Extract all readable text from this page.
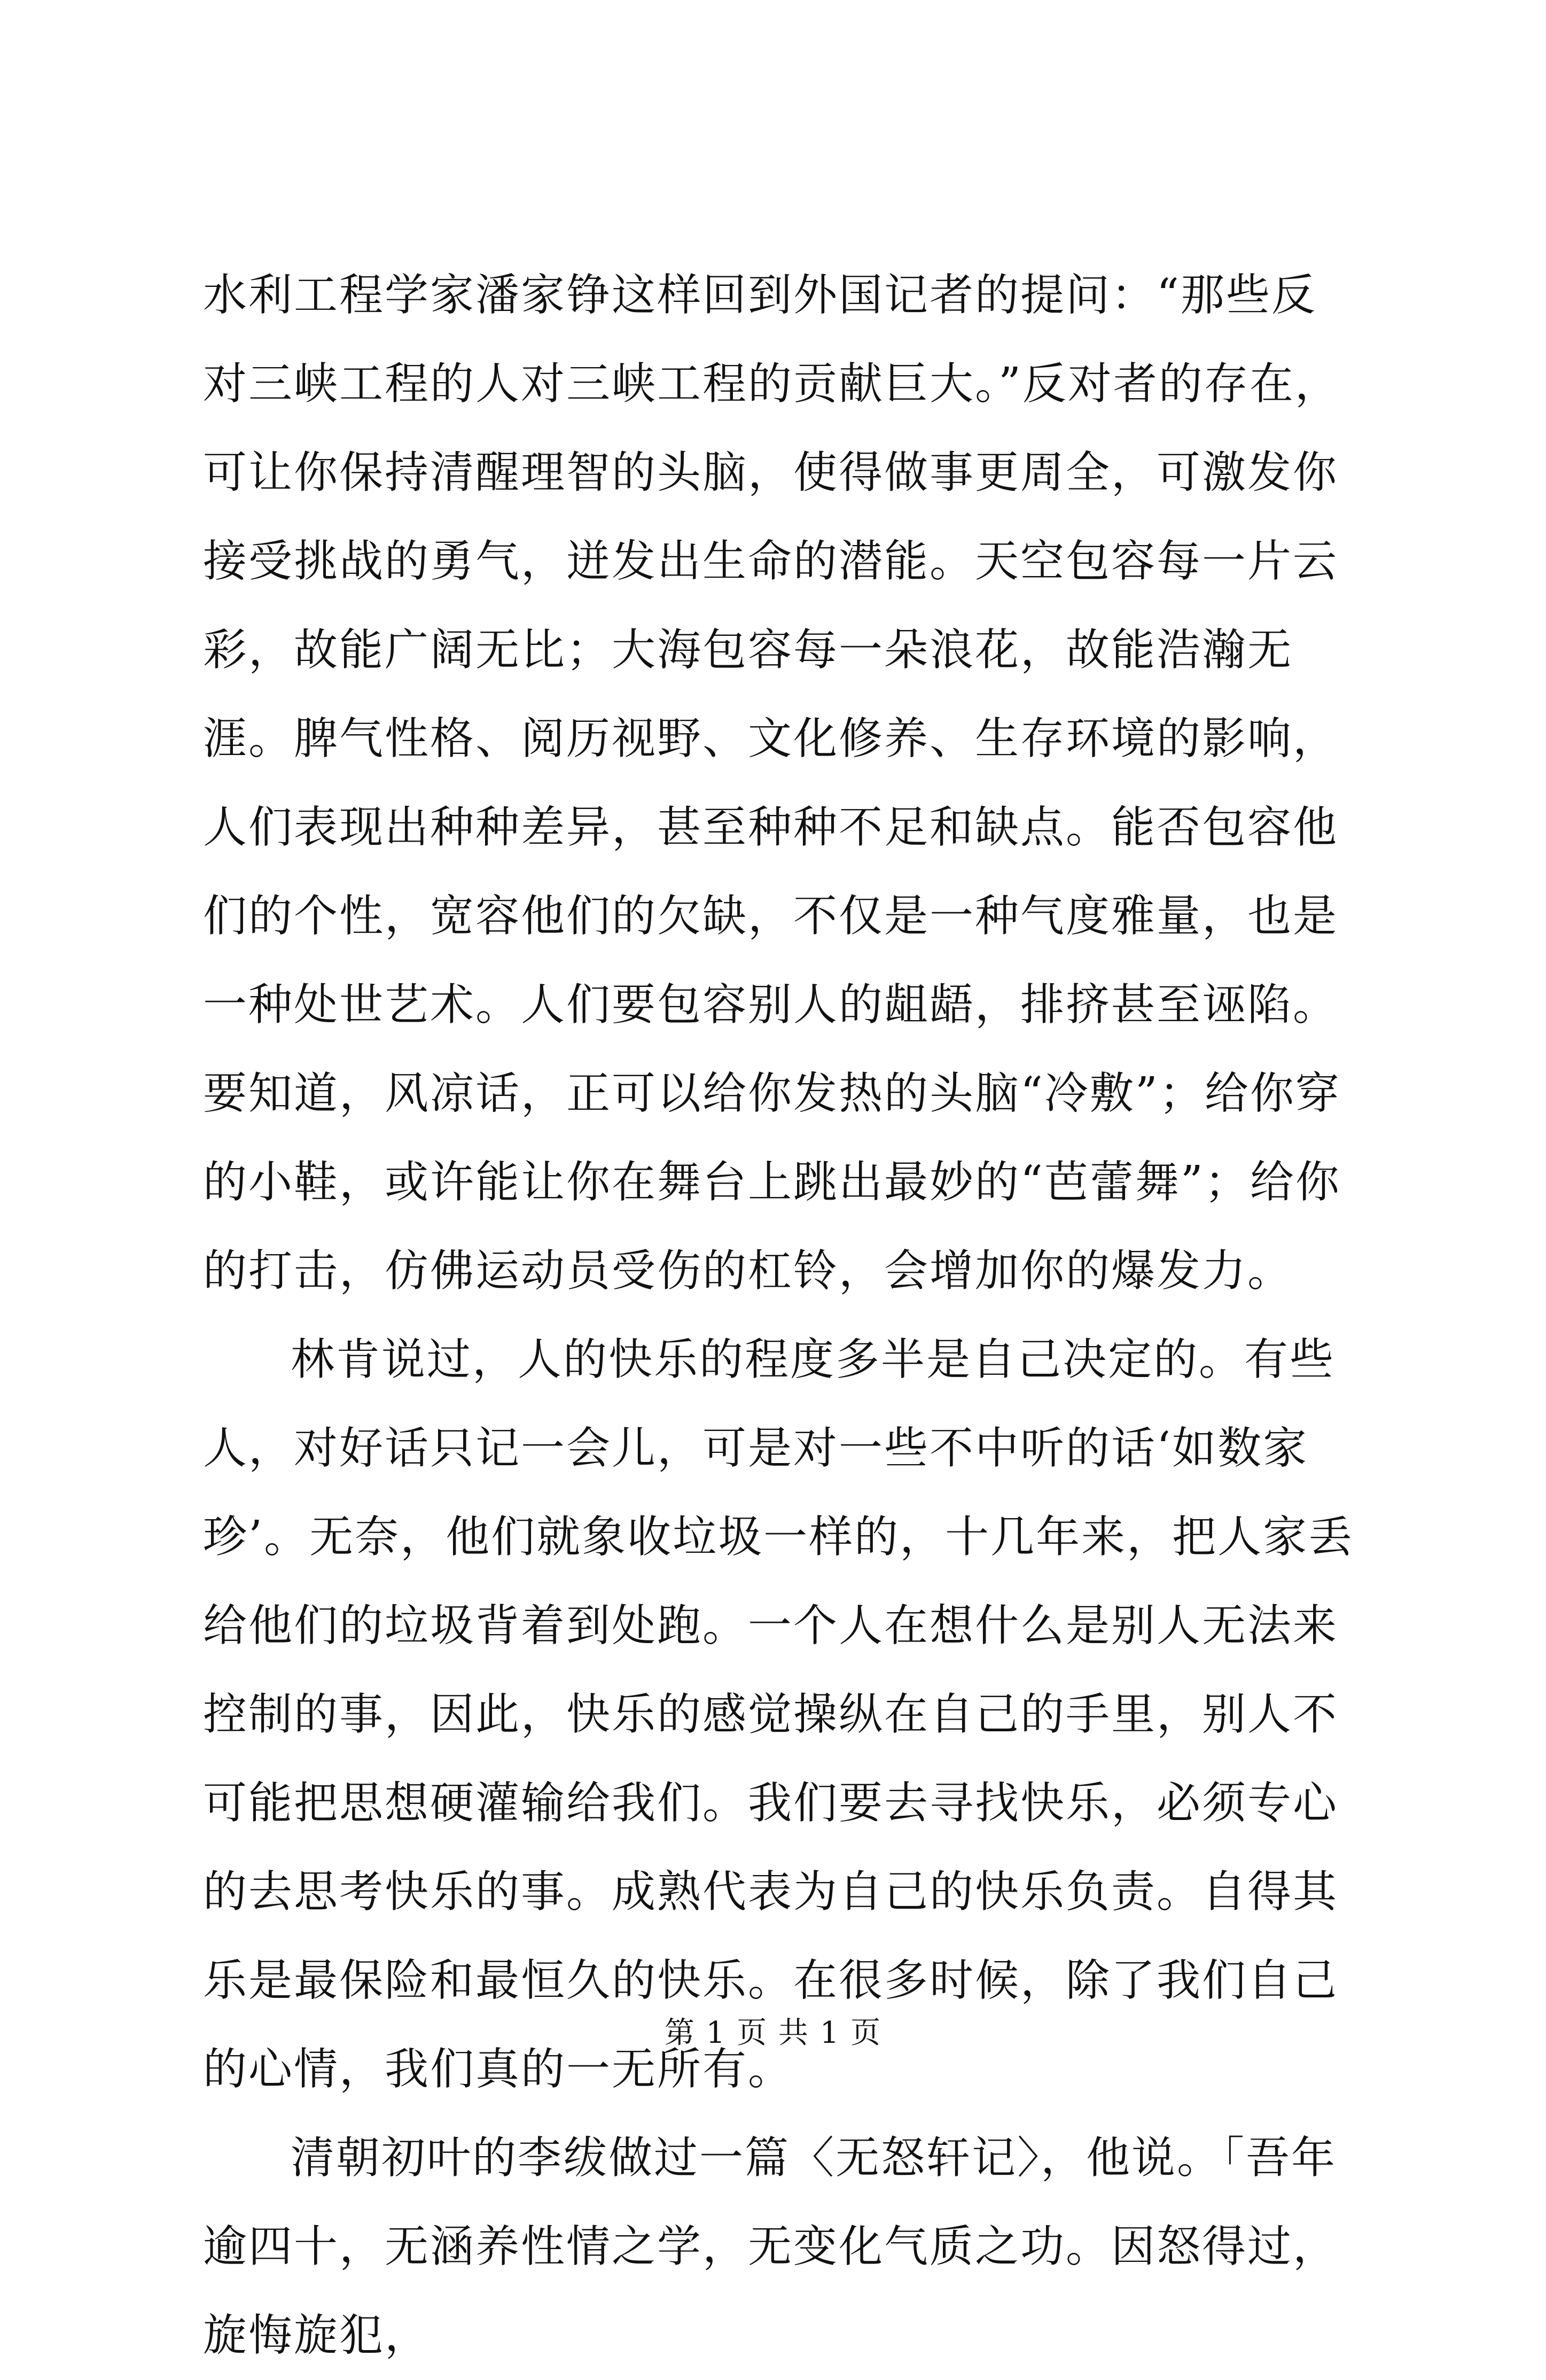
水利工程学家潘家铮这样回到外国记者的提问：“那些反对三峡工程的人对三峡工程的贡献巨大。”反对者的存在，可让你保持清醒理智的头脑，使得做事更周全，可激发你接受挑战的勇气，迸发出生命的潜能。天空包容每一片云彩，故能广阔无比；大海包容每一朵浪花，故能浩瀚无涯。脾气性格、阅历视野、文化修养、生存环境的影响，人们表现出种种差异，甚至种种不足和缺点。能否包容他们的个性，宽容他们的欠缺，不仅是一种气度雅量，也是一种处世艺术。人们要包容别人的龃龉，排挤甚至诬陷。要知道，风凉话，正可以给你发热的头脑“冷敷”；给你穿的小鞋，或许能让你在舞台上跳出最妙的“芭蕾舞”；给你的打击，仿佛运动员受伤的杠铃，会增加你的爆发力。

林肯说过，人的快乐的程度多半是自己决定的。有些人，对好话只记一会儿，可是对一些不中听的话‘如数家珍’。无奈，他们就象收垃圾一样的，十几年来，把人家丢给他们的垃圾背着到处跑。一个人在想什么是别人无法来控制的事，因此，快乐的感觉操纵在自己的手里，别人不可能把思想硬灌输给我们。我们要去寻找快乐，必须专心的去思考快乐的事。成熟代表为自己的快乐负责。自得其乐是最保险和最恒久的快乐。在很多时候，除了我们自己的心情，我们真的一无所有。

清朝初叶的李绂做过一篇〈无怒轩记〉，他说。「吾年逾四十，无涵养性情之学，无变化气质之功。因怒得过，旋悔旋犯，

第 1 页 共 1 页
